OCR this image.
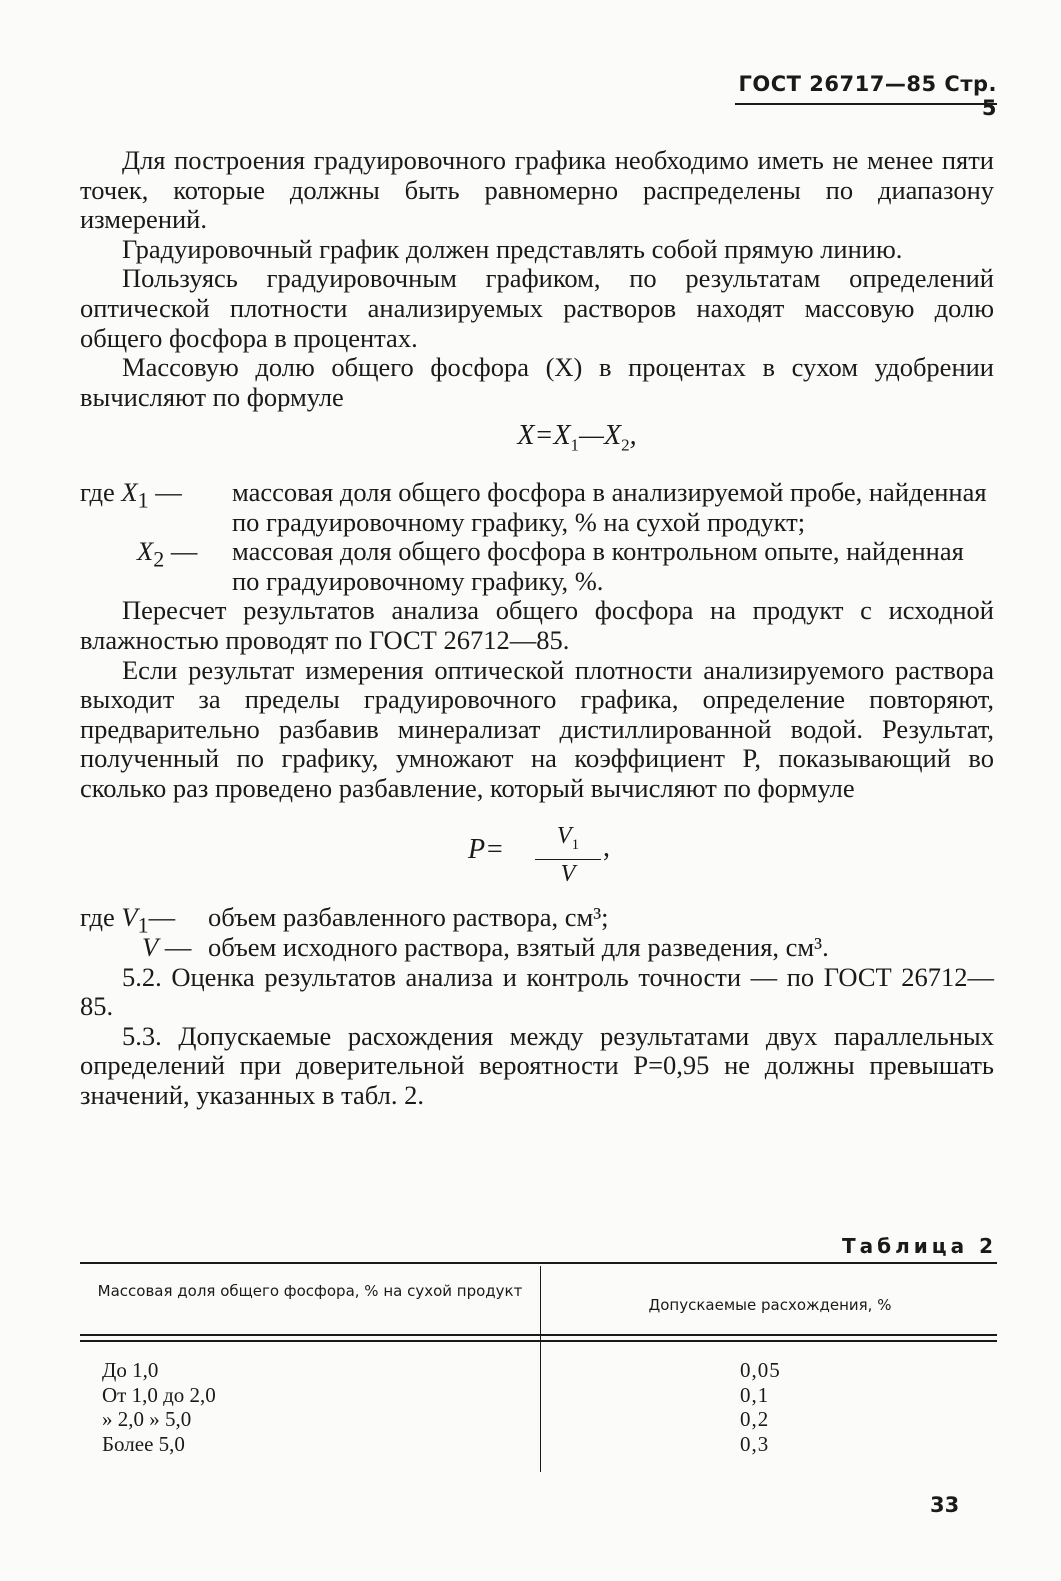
ГОСТ 26717—85 Стр. 5

Для построения градуировочного графика необходимо иметь не менее пяти точек, которые должны быть равномерно распределены по диапазону измерений.

Градуировочный график должен представлять собой прямую линию.

Пользуясь градуировочным графиком, по результатам определений оптической плотности анализируемых растворов находят массовую долю общего фосфора в процентах.

Массовую долю общего фосфора (X) в процентах в сухом удобрении вычисляют по формуле

$X=X_1—X_2$,
где $X_1$ — массовая доля общего фосфора в анализируемой пробе, найденная по градуировочному графику, % на сухой продукт;
$X_2$ — массовая доля общего фосфора в контрольном опыте, найденная по градуировочному графику, %.

Пересчет результатов анализа общего фосфора на продукт с исходной влажностью проводят по ГОСТ 26712—85.

Если результат измерения оптической плотности анализируемого раствора выходит за пределы градуировочного графика, определение повторяют, предварительно разбавив минерализат дистиллированной водой. Результат, полученный по графику, умножают на коэффициент P, показывающий во сколько раз проведено разбавление, который вычисляют по формуле

$P= \frac{V_1}{V}$ ,
где $V_1—$ объем разбавленного раствора, см³;
V — объем исходного раствора, взятый для разведения, см³.

5.2. Оценка результатов анализа и контроль точности — по ГОСТ 26712—85.

5.3. Допускаемые расхождения между результатами двух параллельных определений при доверительной вероятности P=0,95 не должны превышать значений, указанных в табл. 2.

Таблица 2
Массовая доля общего фосфора, % на сухой продукт
Допускаемые расхождения, %
До 1,0
От 1,0 до 2,0
» 2,0 » 5,0
Более 5,0
0,05
0,1
0,2
0,3
33
